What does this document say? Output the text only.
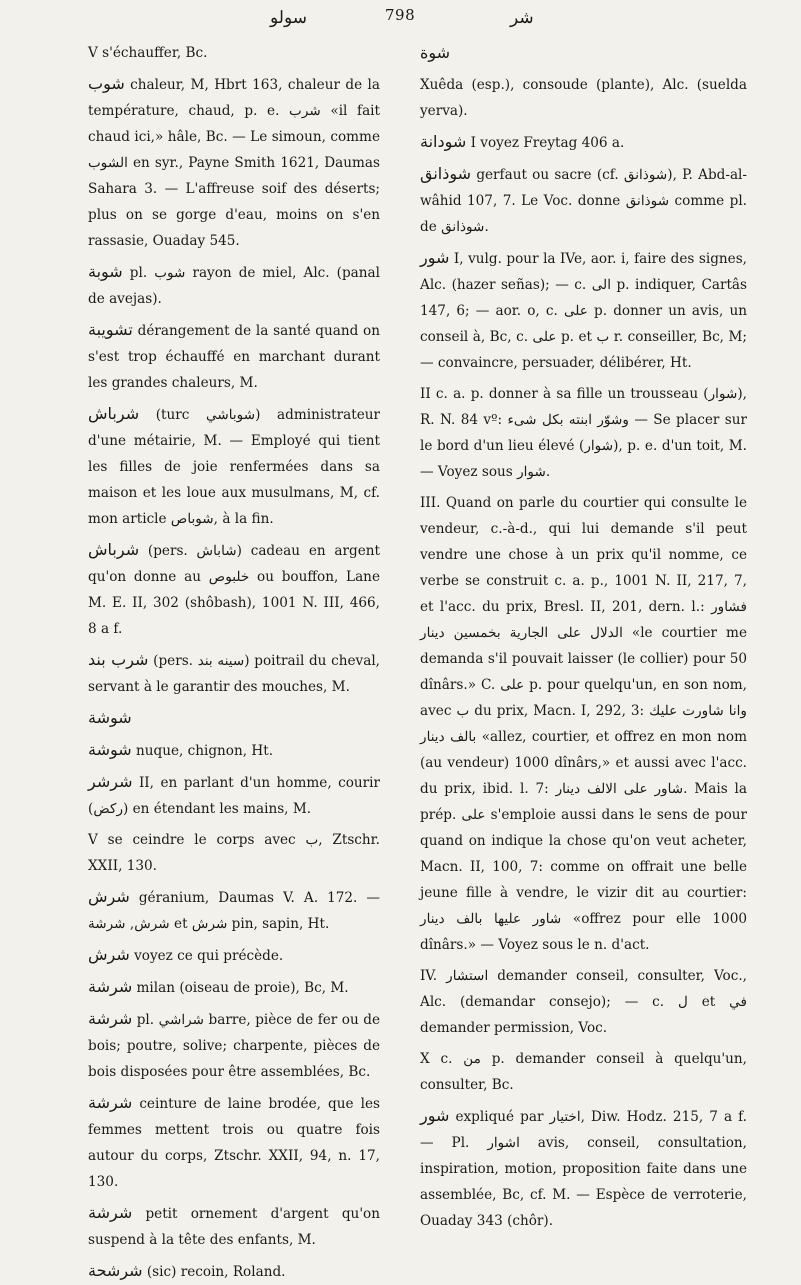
سولو	798	شر

V s'échauffer, Bc.

شوب chaleur, M, Hbrt 163, chaleur de la température, chaud, p. e. شرب «il fait chaud ici,» hâle, Bc. — Le simoun, comme الشوب en syr., Payne Smith 1621, Daumas Sahara 3. — L'affreuse soif des déserts; plus on se gorge d'eau, moins on s'en rassasie, Ouaday 545.

شوبة pl. شوب rayon de miel, Alc. (panal de avejas).

تشويبة dérangement de la santé quand on s'est trop échauffé en marchant durant les grandes chaleurs, M.

شرباش (turc شوباشي) administrateur d'une métairie, M. — Employé qui tient les filles de joie renfermées dans sa maison et les loue aux musulmans, M, cf. mon article شوباص, à la fin.

شرباش (pers. شاباش) cadeau en argent qu'on donne au خلبوص ou bouffon, Lane M. E. II, 302 (shôbash), 1001 N. III, 466, 8 a f.

شرب بند (pers. سينه بند) poitrail du cheval, servant à le garantir des mouches, M.

شوشة

شوشة nuque, chignon, Ht.

شرشر II, en parlant d'un homme, courir (ركض) en étendant les mains, M.

V se ceindre le corps avec ب, Ztschr. XXII, 130.

شرش géranium, Daumas V. A. 172. — شرش, شرشة et شرش pin, sapin, Ht.

شرش voyez ce qui précède.

شرشة milan (oiseau de proie), Bc, M.

شرشة pl. شراشي barre, pièce de fer ou de bois; poutre, solive; charpente, pièces de bois disposées pour être assemblées, Bc.

شرشة ceinture de laine brodée, que les femmes mettent trois ou quatre fois autour du corps, Ztschr. XXII, 94, n. 17, 130.

شرشة petit ornement d'argent qu'on suspend à la tête des enfants, M.

شرشحة (sic) recoin, Roland.

شوة

Xuêda (esp.), consoude (plante), Alc. (suelda yerva).

شودانة I voyez Freytag 406 a.

شوذانق gerfaut ou sacre (cf. شوذانق), P. Abd-al-wâhid 107, 7. Le Voc. donne شوذانق comme pl. de شوذانق.

شور I, vulg. pour la IVe, aor. i, faire des signes, Alc. (hazer señas); — c. الى p. indiquer, Cartâs 147, 6; — aor. o, c. على p. donner un avis, un conseil à, Bc, c. على p. et ب r. conseiller, Bc, M; — convaincre, persuader, délibérer, Ht.

II c. a. p. donner à sa fille un trousseau (شوار), R. N. 84 vº: وشوّر ابنته بكل شىء — Se placer sur le bord d'un lieu élevé (شوار), p. e. d'un toit, M. — Voyez sous شوار.

III. Quand on parle du courtier qui consulte le vendeur, c.-à-d., qui lui demande s'il peut vendre une chose à un prix qu'il nomme, ce verbe se construit c. a. p., 1001 N. II, 217, 7, et l'acc. du prix, Bresl. II, 201, dern. l.: فشاور الدلال على الجارية بخمسين دينار «le courtier me demanda s'il pouvait laisser (le collier) pour 50 dînârs.» C. على p. pour quelqu'un, en son nom, avec ب du prix, Macn. I, 292, 3: وانا شاورت عليك بالف دينار «allez, courtier, et offrez en mon nom (au vendeur) 1000 dînârs,» et aussi avec l'acc. du prix, ibid. l. 7: شاور على الالف دينار. Mais la prép. على s'emploie aussi dans le sens de pour quand on indique la chose qu'on veut acheter, Macn. II, 100, 7: comme on offrait une belle jeune fille à vendre, le vizir dit au courtier: شاور عليها بالف دينار «offrez pour elle 1000 dînârs.» — Voyez sous le n. d'act.

IV. استشار demander conseil, consulter, Voc., Alc. (demandar consejo); — c. ل et في demander permission, Voc.

X c. من p. demander conseil à quelqu'un, consulter, Bc.

شور expliqué par اختيار, Diw. Hodz. 215, 7 a f. — Pl. اشوار avis, conseil, consultation, inspiration, motion, proposition faite dans une assemblée, Bc, cf. M. — Espèce de verroterie, Ouaday 343 (chôr).
